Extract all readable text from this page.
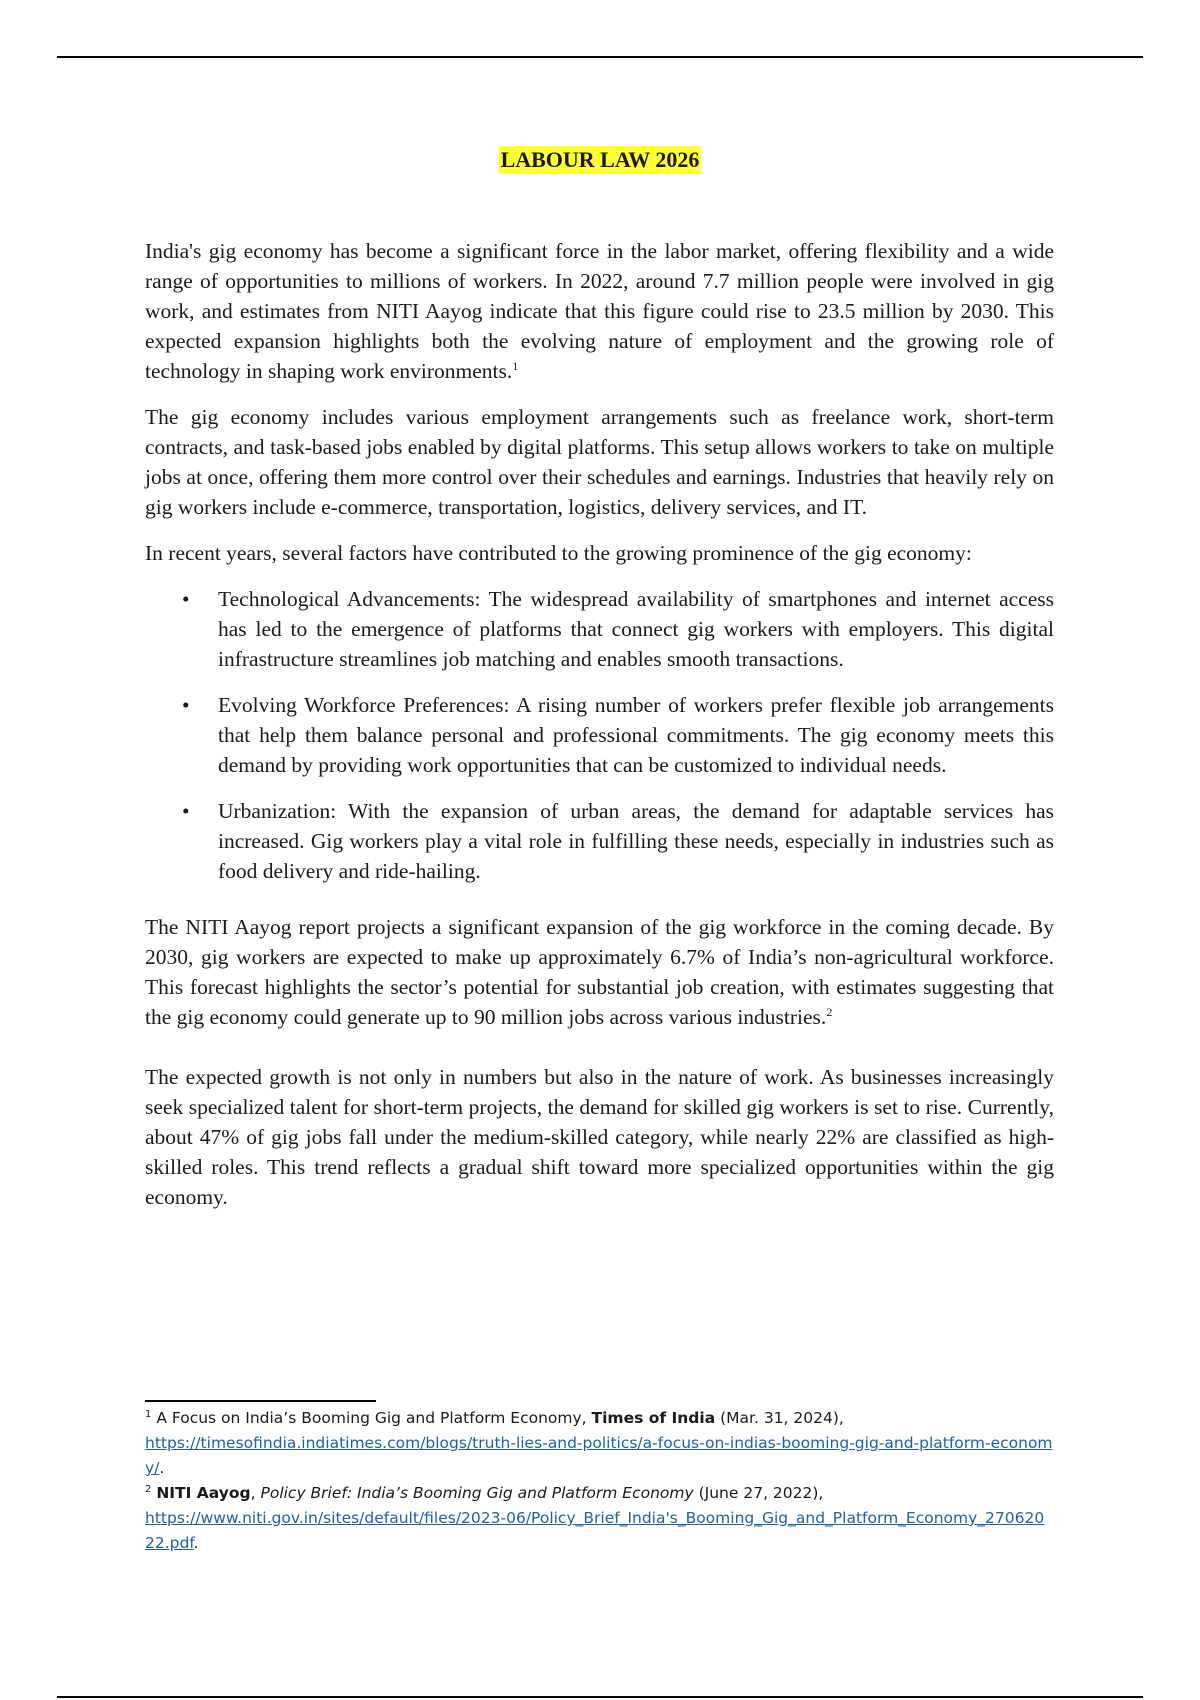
LABOUR LAW 2026

India's gig economy has become a significant force in the labor market, offering flexibility and a wide range of opportunities to millions of workers. In 2022, around 7.7 million people were involved in gig work, and estimates from NITI Aayog indicate that this figure could rise to 23.5 million by 2030. This expected expansion highlights both the evolving nature of employment and the growing role of technology in shaping work environments.$^1$

The gig economy includes various employment arrangements such as freelance work, short-term contracts, and task-based jobs enabled by digital platforms. This setup allows workers to take on multiple jobs at once, offering them more control over their schedules and earnings. Industries that heavily rely on gig workers include e-commerce, transportation, logistics, delivery services, and IT.

In recent years, several factors have contributed to the growing prominence of the gig economy:

• Technological Advancements: The widespread availability of smartphones and internet access has led to the emergence of platforms that connect gig workers with employers. This digital infrastructure streamlines job matching and enables smooth transactions.
• Evolving Workforce Preferences: A rising number of workers prefer flexible job arrangements that help them balance personal and professional commitments. The gig economy meets this demand by providing work opportunities that can be customized to individual needs.
• Urbanization: With the expansion of urban areas, the demand for adaptable services has increased. Gig workers play a vital role in fulfilling these needs, especially in industries such as food delivery and ride-hailing.

The NITI Aayog report projects a significant expansion of the gig workforce in the coming decade. By 2030, gig workers are expected to make up approximately 6.7% of India’s non-agricultural workforce. This forecast highlights the sector’s potential for substantial job creation, with estimates suggesting that the gig economy could generate up to 90 million jobs across various industries.$^2$

The expected growth is not only in numbers but also in the nature of work. As businesses increasingly seek specialized talent for short-term projects, the demand for skilled gig workers is set to rise. Currently, about 47% of gig jobs fall under the medium-skilled category, while nearly 22% are classified as high-skilled roles. This trend reflects a gradual shift toward more specialized opportunities within the gig economy.

$^1$ A Focus on India’s Booming Gig and Platform Economy, Times of India (Mar. 31, 2024),
https://timesofindia.indiatimes.com/blogs/truth-lies-and-politics/a-focus-on-indias-booming-gig-and-platform-economy/.

$^2$ NITI Aayog, Policy Brief: India’s Booming Gig and Platform Economy (June 27, 2022),
https://www.niti.gov.in/sites/default/files/2023-06/Policy_Brief_India's_Booming_Gig_and_Platform_Economy_27062022.pdf.
